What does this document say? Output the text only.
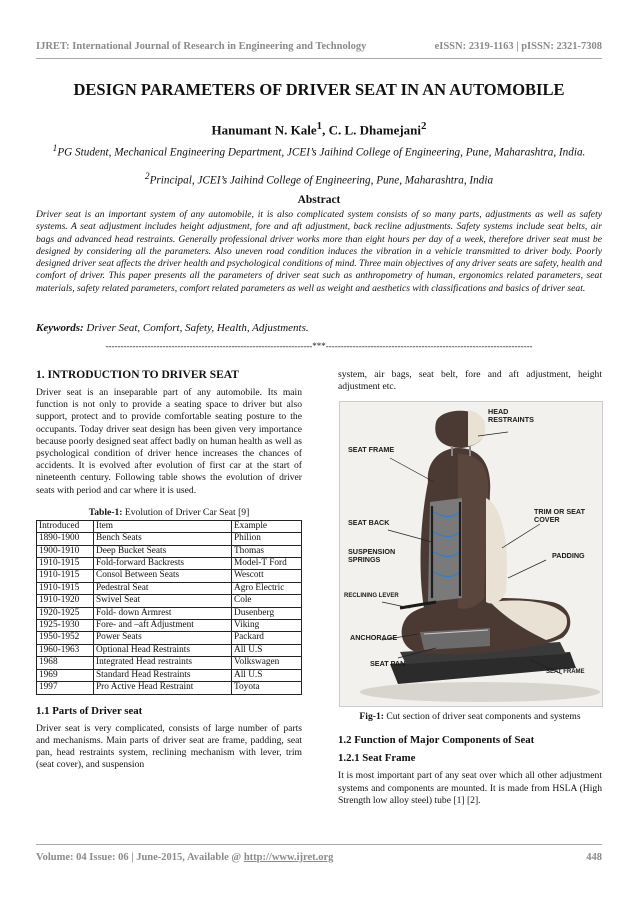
IJRET: International Journal of Research in Engineering and Technology	eISSN: 2319-1163 | pISSN: 2321-7308
DESIGN PARAMETERS OF DRIVER SEAT IN AN AUTOMOBILE
Hanumant N. Kale$^1$, C. L. Dhamejani$^2$
$^1$PG Student, Mechanical Engineering Department, JCEI’s Jaihind College of Engineering, Pune, Maharashtra, India.
$^2$Principal, JCEI’s Jaihind College of Engineering, Pune, Maharashtra, India
Abstract
Driver seat is an important system of any automobile, it is also complicated system consists of so many parts, adjustments as well as safety systems. A seat adjustment includes height adjustment, fore and aft adjustment, back recline adjustments. Safety systems include seat belts, air bags and advanced head restraints. Generally professional driver works more than eight hours per day of a week, therefore driver seat must be designed by considering all the parameters. Also uneven road condition induces the vibration in a vehicle transmitted to driver body. Poorly designed driver seat affects the driver health and psychological conditions of mind. Three main objectives of any driver seats are safety, health and comfort of driver. This paper presents all the parameters of driver seat such as anthropometry of human, ergonomics related parameters, seat materials, safety related parameters, comfort related parameters as well as weight and aesthetics with classifications and basics of driver seat.
Keywords: Driver Seat, Comfort, Safety, Health, Adjustments.
---------------------------------------------------------------------***---------------------------------------------------------------------
1. INTRODUCTION TO DRIVER SEAT

Driver seat is an inseparable part of any automobile. Its main function is not only to provide a seating space to driver but also support, protect and to provide comfortable seating posture to the occupants. Today driver seat design has been given very importance because poorly designed seat affect badly on human health as well as psychological condition of driver hence increases the chances of accidents. It is evolved after evolution of first car at the start of nineteenth century. Following table shows the evolution of driver seats with period and car where it is used.

Table-1: Evolution of Driver Car Seat [9]
Introduced	Item	Example
1890-1900	Bench Seats	Philion
1900-1910	Deep Bucket Seats	Thomas
1910-1915	Fold-forward Backrests	Model-T Ford
1910-1915	Consol Between Seats	Wescott
1910-1915	Pedestral Seat	Agro Electric
1910-1920	Swivel Seat	Cole
1920-1925	Fold- down Armrest	Dusenberg
1925-1930	Fore- and –aft Adjustment	Viking
1950-1952	Power Seats	Packard
1960-1963	Optional Head Restraints	All U.S
1968	Integrated Head restraints	Volkswagen
1969	Standard Head Restraints	All U.S
1997	Pro Active Head Restraint	Toyota
1.1 Parts of Driver seat

Driver seat is very complicated, consists of large number of parts and mechanisms. Main parts of driver seat are frame, padding, seat pan, head restraints system, reclining mechanism with lever, trim (seat cover), and suspension

system, air bags, seat belt, fore and aft adjustment, height adjustment etc.

HEAD RESTRAINTS
SEAT FRAME
SEAT BACK
TRIM OR SEAT COVER
SUSPENSION SPRINGS	PADDING
RECLINING LEVER
ANCHORAGE
SEAT PAN
SEAT FRAME
Fig-1: Cut section of driver seat components and systems
1.2 Function of Major Components of Seat
1.2.1 Seat Frame

It is most important part of any seat over which all other adjustment systems and components are mounted. It is made from HSLA (High Strength low alloy steel) tube [1] [2].

Volume: 04 Issue: 06 | June-2015, Available @ http://www.ijret.org	448
